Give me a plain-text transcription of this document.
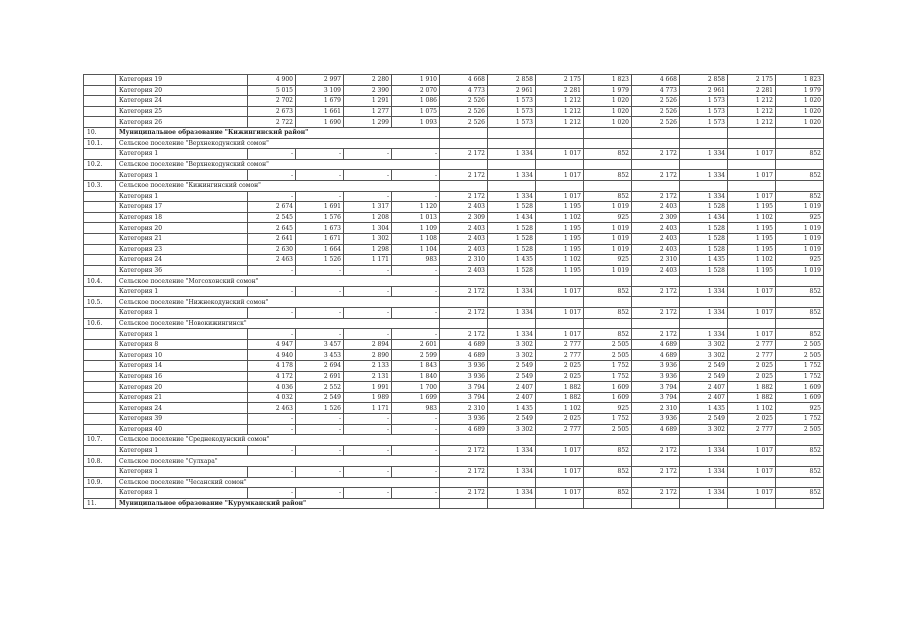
	Категория 19	4 900	2 997	2 280	1 910	4 668	2 858	2 175	1 823	4 668	2 858	2 175	1 823
	Категория 20	5 015	3 109	2 390	2 070	4 773	2 961	2 281	1 979	4 773	2 961	2 281	1 979
	Категория 24	2 702	1 679	1 291	1 086	2 526	1 573	1 212	1 020	2 526	1 573	1 212	1 020
	Категория 25	2 673	1 661	1 277	1 075	2 526	1 573	1 212	1 020	2 526	1 573	1 212	1 020
	Категория 26	2 722	1 690	1 299	1 093	2 526	1 573	1 212	1 020	2 526	1 573	1 212	1 020
10.	Муниципальное образование "Кижингинский район"												
10.1.	Сельское поселение "Верхнекодунский сомон"												
	Категория 1	-	-	-	-	2 172	1 334	1 017	852	2 172	1 334	1 017	852
10.2.	Сельское поселение "Верхнекодунский сомон"												
	Категория 1	-	-	-	-	2 172	1 334	1 017	852	2 172	1 334	1 017	852
10.3.	Сельское поселение "Кижингинский сомон"												
	Категория 1	-	-	-	-	2 172	1 334	1 017	852	2 172	1 334	1 017	852
	Категория 17	2 674	1 691	1 317	1 120	2 403	1 528	1 195	1 019	2 403	1 528	1 195	1 019
	Категория 18	2 545	1 576	1 208	1 013	2 309	1 434	1 102	925	2 309	1 434	1 102	925
	Категория 20	2 645	1 673	1 304	1 109	2 403	1 528	1 195	1 019	2 403	1 528	1 195	1 019
	Категория 21	2 641	1 671	1 302	1 108	2 403	1 528	1 195	1 019	2 403	1 528	1 195	1 019
	Категория 23	2 630	1 664	1 298	1 104	2 403	1 528	1 195	1 019	2 403	1 528	1 195	1 019
	Категория 24	2 463	1 526	1 171	983	2 310	1 435	1 102	925	2 310	1 435	1 102	925
	Категория 36	-	-	-	-	2 403	1 528	1 195	1 019	2 403	1 528	1 195	1 019
10.4.	Сельское поселение "Могсохонский сомон"												
	Категория 1	-	-	-	-	2 172	1 334	1 017	852	2 172	1 334	1 017	852
10.5.	Сельское поселение "Нижнекодунский сомон"												
	Категория 1	-	-	-	-	2 172	1 334	1 017	852	2 172	1 334	1 017	852
10.6.	Сельское поселение "Новокижингинск"												
	Категория 1	-	-	-	-	2 172	1 334	1 017	852	2 172	1 334	1 017	852
	Категория 8	4 947	3 457	2 894	2 601	4 689	3 302	2 777	2 505	4 689	3 302	2 777	2 505
	Категория 10	4 940	3 453	2 890	2 599	4 689	3 302	2 777	2 505	4 689	3 302	2 777	2 505
	Категория 14	4 178	2 694	2 133	1 843	3 936	2 549	2 025	1 752	3 936	2 549	2 025	1 752
	Категория 16	4 172	2 691	2 131	1 840	3 936	2 549	2 025	1 752	3 936	2 549	2 025	1 752
	Категория 20	4 036	2 552	1 991	1 700	3 794	2 407	1 882	1 609	3 794	2 407	1 882	1 609
	Категория 21	4 032	2 549	1 989	1 699	3 794	2 407	1 882	1 609	3 794	2 407	1 882	1 609
	Категория 24	2 463	1 526	1 171	983	2 310	1 435	1 102	925	2 310	1 435	1 102	925
	Категория 39	-	-	-	-	3 936	2 549	2 025	1 752	3 936	2 549	2 025	1 752
	Категория 40	-	-	-	-	4 689	3 302	2 777	2 505	4 689	3 302	2 777	2 505
10.7.	Сельское поселение "Среднекодунский сомон"												
	Категория 1	-	-	-	-	2 172	1 334	1 017	852	2 172	1 334	1 017	852
10.8.	Сельское поселение "Сулхара"												
	Категория 1	-	-	-	-	2 172	1 334	1 017	852	2 172	1 334	1 017	852
10.9.	Сельское поселение "Чесанский сомон"												
	Категория 1	-	-	-	-	2 172	1 334	1 017	852	2 172	1 334	1 017	852
11.	Муниципальное образование "Курумканский район"												
